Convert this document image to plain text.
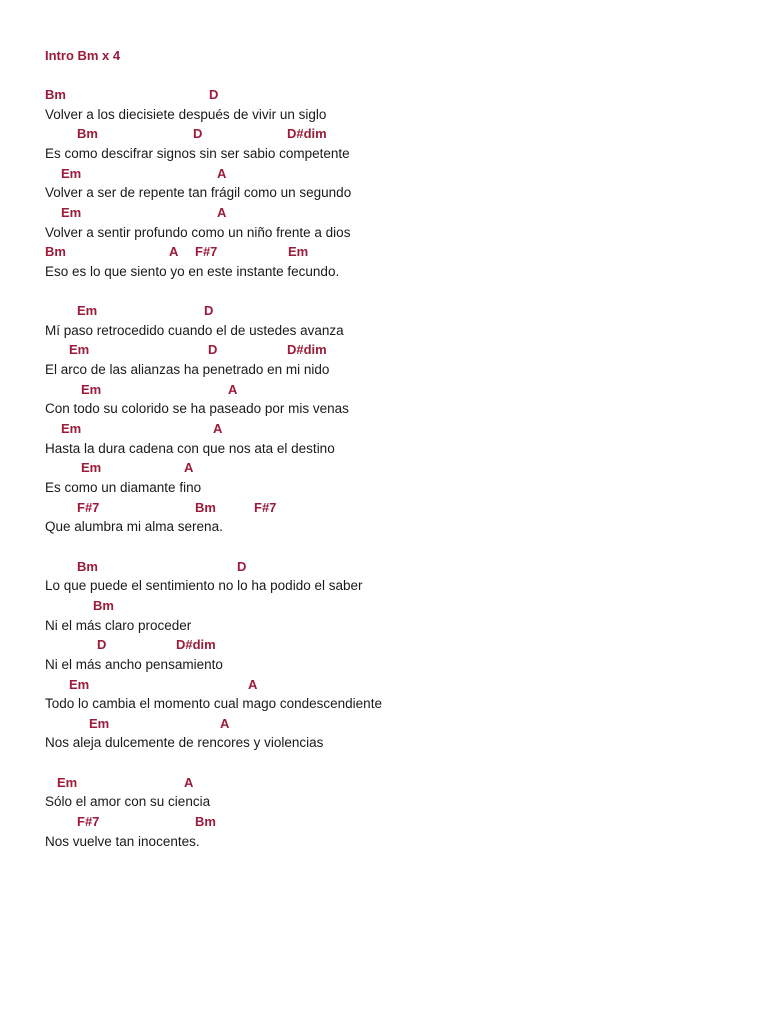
Intro Bm x 4
Bm	D
Volver a los diecisiete después de vivir un siglo
Bm	D	D#dim
Es como descifrar signos sin ser sabio competente
Em	A
Volver a ser de repente tan frágil como un segundo
Em	A
Volver a sentir profundo como un niño frente a dios
Bm	A F#7	Em
Eso es lo que siento yo en este instante fecundo.
Em	D
Mí paso retrocedido cuando el de ustedes avanza
Em	D	D#dim
El arco de las alianzas ha penetrado en mi nido
Em	A
Con todo su colorido se ha paseado por mis venas
Em	A
Hasta la dura cadena con que nos ata el destino
Em	A
Es como un diamante fino
F#7	Bm	F#7
Que alumbra mi alma serena.
Bm	D
Lo que puede el sentimiento no lo ha podido el saber
Bm
Ni el más claro proceder
D	D#dim
Ni el más ancho pensamiento
Em	A
Todo lo cambia el momento cual mago condescendiente
Em	A
Nos aleja dulcemente de rencores y violencias
Em	A
Sólo el amor con su ciencia
F#7	Bm
Nos vuelve tan inocentes.
